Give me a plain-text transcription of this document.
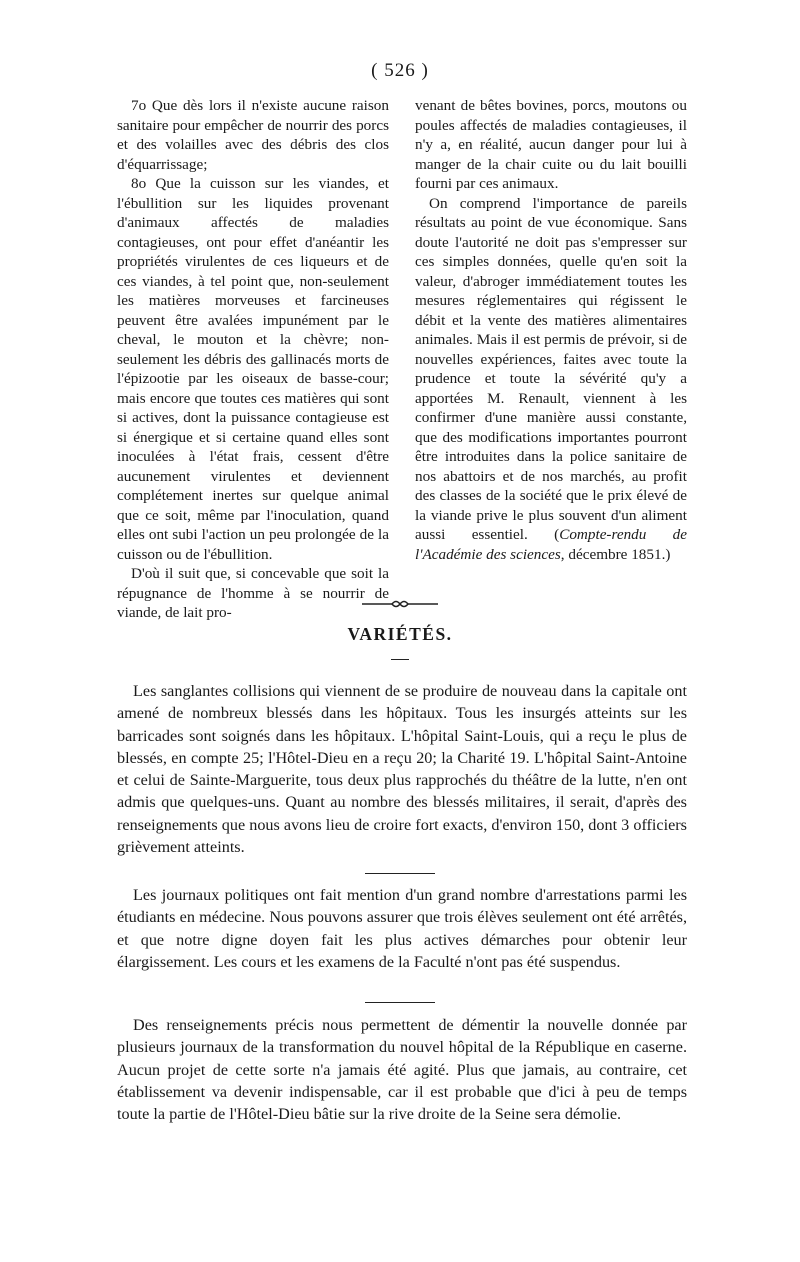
( 526 )

7o Que dès lors il n'existe aucune raison sanitaire pour empêcher de nourrir des porcs et des volailles avec des débris des clos d'équarrissage;

8o Que la cuisson sur les viandes, et l'ébullition sur les liquides provenant d'animaux affectés de maladies contagieuses, ont pour effet d'anéantir les propriétés virulentes de ces liqueurs et de ces viandes, à tel point que, non-seulement les matières morveuses et farcineuses peuvent être avalées impunément par le cheval, le mouton et la chèvre; non-seulement les débris des gallinacés morts de l'épizootie par les oiseaux de basse-cour; mais encore que toutes ces matières qui sont si actives, dont la puissance contagieuse est si énergique et si certaine quand elles sont inoculées à l'état frais, cessent d'être aucunement virulentes et deviennent complétement inertes sur quelque animal que ce soit, même par l'inoculation, quand elles ont subi l'action un peu prolongée de la cuisson ou de l'ébullition.

D'où il suit que, si concevable que soit la répugnance de l'homme à se nourrir de viande, de lait pro-

venant de bêtes bovines, porcs, moutons ou poules affectés de maladies contagieuses, il n'y a, en réalité, aucun danger pour lui à manger de la chair cuite ou du lait bouilli fourni par ces animaux.

On comprend l'importance de pareils résultats au point de vue économique. Sans doute l'autorité ne doit pas s'empresser sur ces simples données, quelle qu'en soit la valeur, d'abroger immédiatement toutes les mesures réglementaires qui régissent le débit et la vente des matières alimentaires animales. Mais il est permis de prévoir, si de nouvelles expériences, faites avec toute la prudence et toute la sévérité qu'y a apportées M. Renault, viennent à les confirmer d'une manière aussi constante, que des modifications importantes pourront être introduites dans la police sanitaire de nos abattoirs et de nos marchés, au profit des classes de la société que le prix élevé de la viande prive le plus souvent d'un aliment aussi essentiel. (Compte-rendu de l'Académie des sciences, décembre 1851.)

VARIÉTÉS.

Les sanglantes collisions qui viennent de se produire de nouveau dans la capitale ont amené de nombreux blessés dans les hôpitaux. Tous les insurgés atteints sur les barricades sont soignés dans les hôpitaux. L'hôpital Saint-Louis, qui a reçu le plus de blessés, en compte 25; l'Hôtel-Dieu en a reçu 20; la Charité 19. L'hôpital Saint-Antoine et celui de Sainte-Marguerite, tous deux plus rapprochés du théâtre de la lutte, n'en ont admis que quelques-uns. Quant au nombre des blessés militaires, il serait, d'après des renseignements que nous avons lieu de croire fort exacts, d'environ 150, dont 3 officiers grièvement atteints.

Les journaux politiques ont fait mention d'un grand nombre d'arrestations parmi les étudiants en médecine. Nous pouvons assurer que trois élèves seulement ont été arrêtés, et que notre digne doyen fait les plus actives démarches pour obtenir leur élargissement. Les cours et les examens de la Faculté n'ont pas été suspendus.

Des renseignements précis nous permettent de démentir la nouvelle donnée par plusieurs journaux de la transformation du nouvel hôpital de la République en caserne. Aucun projet de cette sorte n'a jamais été agité. Plus que jamais, au contraire, cet établissement va devenir indispensable, car il est probable que d'ici à peu de temps toute la partie de l'Hôtel-Dieu bâtie sur la rive droite de la Seine sera démolie.
